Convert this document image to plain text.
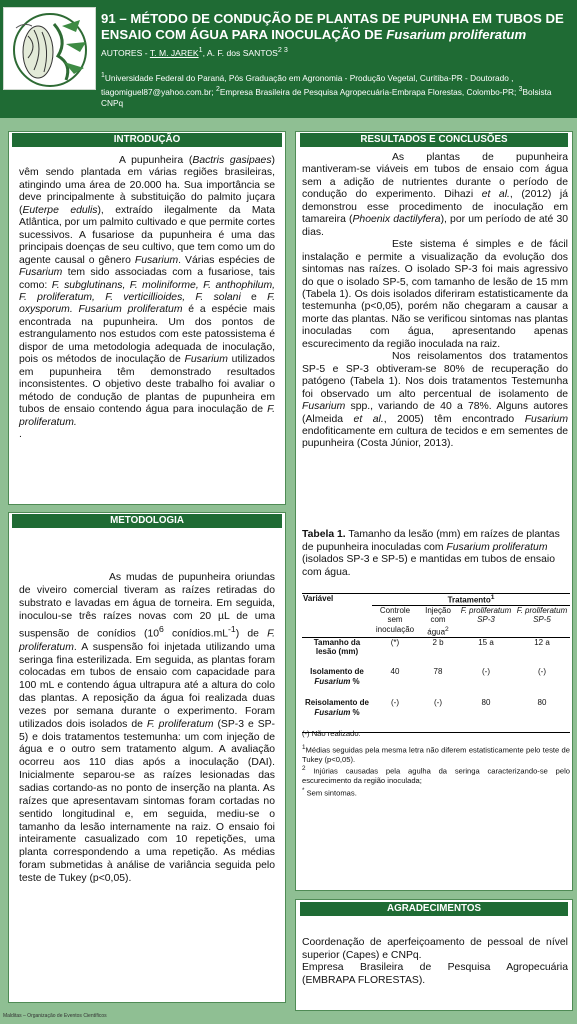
91 – MÉTODO DE CONDUÇÃO DE PLANTAS DE PUPUNHA EM TUBOS DE ENSAIO COM ÁGUA PARA INOCULAÇÃO DE Fusarium proliferatum
AUTORES - T. M. JAREK$^1$, A. F. dos $SANTOS^{2 3}$
$^1$Universidade Federal do Paraná, Pós Graduação em Agronomia - Produção Vegetal, Curitiba-PR - Doutorado , tiagomiguel87@yahoo.com.br; $^2$Empresa Brasileira de Pesquisa Agropecuária-Embrapa Florestas, Colombo-PR; $^3$Bolsista CNPq
INTRODUÇÃO

A pupunheira (Bactris gasipaes) vêm sendo plantada em várias regiões brasileiras, atingindo uma área de 20.000 ha. Sua importância se deve principalmente à substituição do palmito juçara (Euterpe edulis), extraído ilegalmente da Mata Atlântica, por um palmito cultivado e que permite cortes sucessivos. A fusariose da pupunheira é uma das principais doenças de seu cultivo, que tem como um do agente causal o gênero Fusarium. Várias espécies de Fusarium tem sido associadas com a fusariose, tais como: F. subglutinans, F. moliniforme, F. anthophilum, F. proliferatum, F. verticillioides, F. solani e F. oxysporum. Fusarium proliferatum é a espécie mais encontrada na pupunheira. Um dos pontos de estrangulamento nos estudos com este patossistema é dispor de uma metodologia adequada de inoculação, pois os métodos de inoculação de Fusarium utilizados em pupunheira têm demonstrado resultados inconsistentes. O objetivo deste trabalho foi avaliar o método de condução de plantas de pupunheira em tubos de ensaio contendo água para inoculação de F. proliferatum.

.

METODOLOGIA

As mudas de pupunheira oriundas de viveiro comercial tiveram as raízes retiradas do substrato e lavadas em água de torneira. Em seguida, inoculou-se três raízes novas com 20 µL de uma suspensão de conídios ($10^6$ $conídios.mL^{-1}$) de F. proliferatum. A suspensão foi injetada utilizando uma seringa fina esterilizada. Em seguida, as plantas foram colocadas em tubos de ensaio com capacidade para 100 mL e contendo água ultrapura até a altura do colo das plantas. A reposição da água foi realizada duas vezes por semana durante o experimento. Foram utilizados dois isolados de F. proliferatum (SP-3 e SP-5) e dois tratamentos testemunha: um com injeção de água e o outro sem tratamento algum. A avaliação ocorreu aos 110 dias após a inoculação (DAI). Inicialmente separou-se as raízes lesionadas das sadias cortando-as no ponto de inserção na planta. As raízes que apresentavam sintomas foram cortadas no sentido longitudinal e, em seguida, mediu-se o tamanho da lesão internamente na raiz. O ensaio foi inteiramente casualizado com 10 repetições, uma planta correspondendo a uma repetição. As médias foram submetidas à análise de variância seguida pelo teste de Tukey (p<0,05).

RESULTADOS E CONCLUSÕES

As plantas de pupunheira mantiveram-se viáveis em tubos de ensaio com água sem a adição de nutrientes durante o período de condução do experimento. Dihazi et al., (2012) já demonstrou esse procedimento de inoculação em tamareira (Phoenix dactilyfera), por um período de até 30 dias.

Este sistema é simples e de fácil instalação e permite a visualização da evolução dos sintomas nas raízes. O isolado SP-3 foi mais agressivo do que o isolado SP-5, com tamanho de lesão de 15 mm (Tabela 1). Os dois isolados diferiram estatisticamente da testemunha (p<0,05), porém não chegaram a causar a morte das plantas. Não se verificou sintomas nas plantas inoculadas com água, apresentando apenas escurecimento da região inoculada na raiz.

Nos reisolamentos dos tratamentos SP-5 e SP-3 obtiveram-se 80% de recuperação do patógeno (Tabela 1). Nos dois tratamentos Testemunha foi observado um alto percentual de isolamento de Fusarium spp., variando de 40 a 78%. Alguns autores (Almeida et al., 2005) têm encontrado Fusarium endofiticamente em cultura de tecidos e em sementes de pupunheira (Costa Júnior, 2013).

Tabela 1. Tamanho da lesão (mm) em raízes de plantas de pupunheira inoculadas com Fusarium proliferatum (isolados SP-3 e SP-5) e mantidas em tubos de ensaio com água.
Variável	Tratamento$^1$
	Controle sem inoculação	Injeção com água$^2$	F. proliferatum SP-3	F. proliferatum SP-5
Tamanho da lesão (mm)	(*)	2 b	15 a	12 a
Isolamento de Fusarium %	40	78	(-)	(-)
Reisolamento de Fusarium %	(-)	(-)	80	80

(-) Não realizado.

$^1$Médias seguidas pela mesma letra não diferem estatisticamente pelo teste de Tukey (p<0,05).

$^2$ Injúrias causadas pela agulha da seringa caracterizando-se pelo escurecimento da região inoculada;

* Sem sintomas.

AGRADECIMENTOS

Coordenação de aperfeiçoamento de pessoal de nível superior (Capes) e CNPq.

Empresa Brasileira de Pesquisa Agropecuária (EMBRAPA FLORESTAS).

Malditas – Organização de Eventos Científicos
